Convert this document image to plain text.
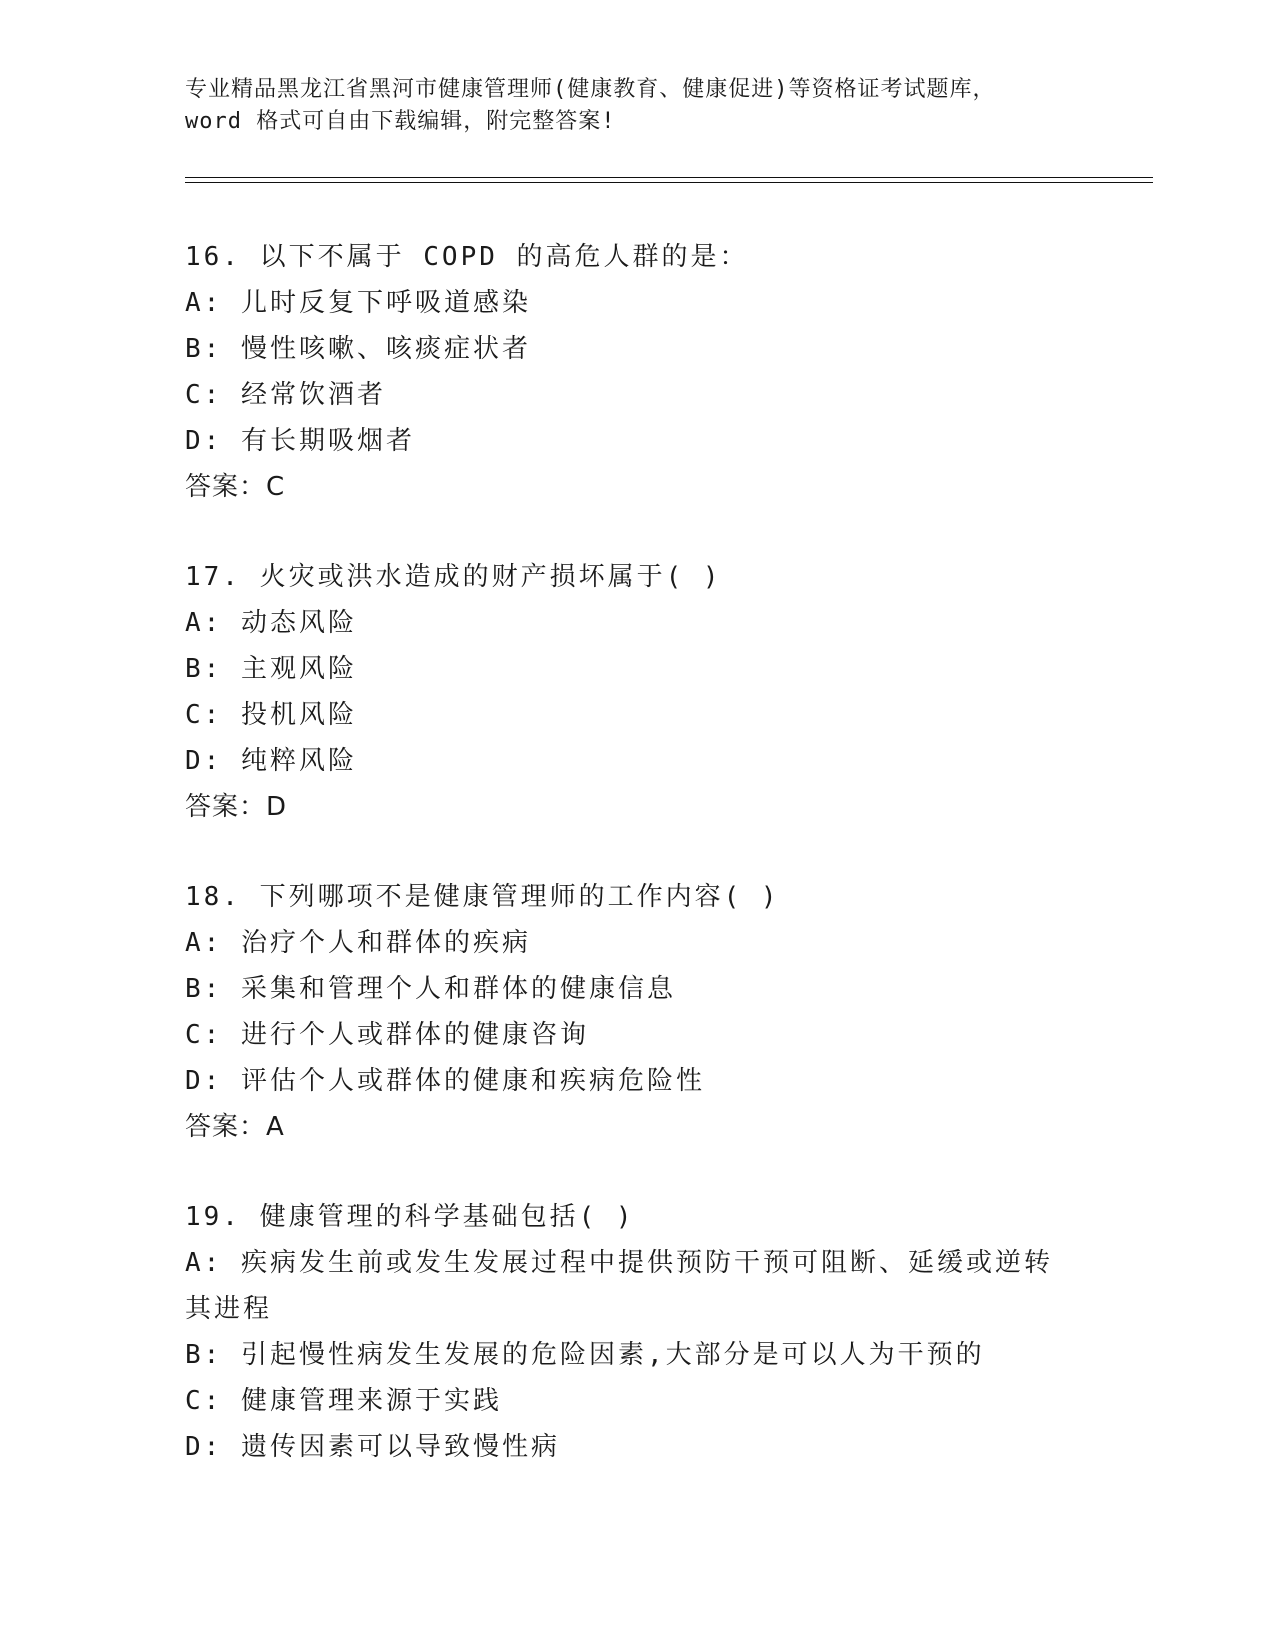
专业精品黑龙江省黑河市健康管理师(健康教育、健康促进)等资格证考试题库，
word 格式可自由下载编辑，附完整答案!
16. 以下不属于 COPD 的高危人群的是：
A: 儿时反复下呼吸道感染
B: 慢性咳嗽、咳痰症状者
C: 经常饮酒者
D: 有长期吸烟者
答案：C
17. 火灾或洪水造成的财产损坏属于( )
A: 动态风险
B: 主观风险
C: 投机风险
D: 纯粹风险
答案：D
18. 下列哪项不是健康管理师的工作内容( )
A: 治疗个人和群体的疾病
B: 采集和管理个人和群体的健康信息
C: 进行个人或群体的健康咨询
D: 评估个人或群体的健康和疾病危险性
答案：A
19. 健康管理的科学基础包括( )
A: 疾病发生前或发生发展过程中提供预防干预可阻断、延缓或逆转其进程
B: 引起慢性病发生发展的危险因素,大部分是可以人为干预的
C: 健康管理来源于实践
D: 遗传因素可以导致慢性病
